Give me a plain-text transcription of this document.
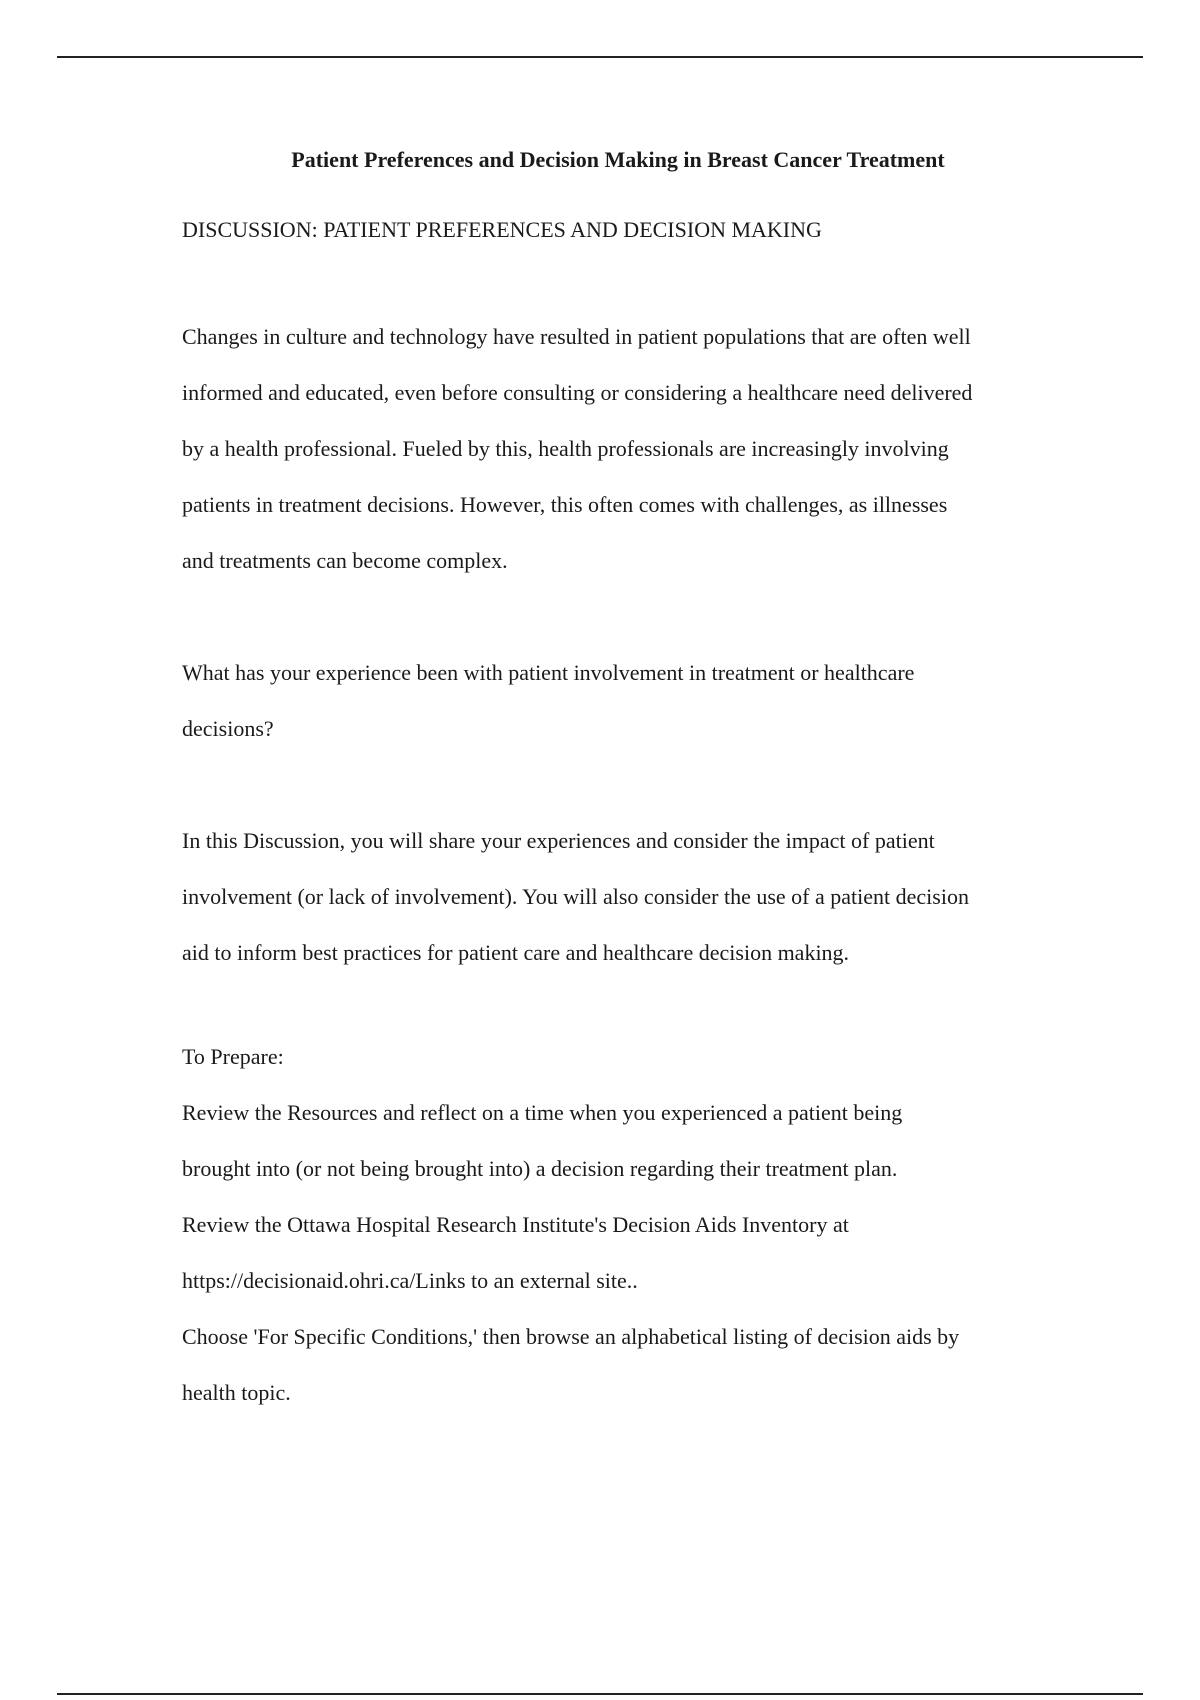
Patient Preferences and Decision Making in Breast Cancer Treatment

DISCUSSION: PATIENT PREFERENCES AND DECISION MAKING

Changes in culture and technology have resulted in patient populations that are often well
informed and educated, even before consulting or considering a healthcare need delivered
by a health professional. Fueled by this, health professionals are increasingly involving
patients in treatment decisions. However, this often comes with challenges, as illnesses
and treatments can become complex.

What has your experience been with patient involvement in treatment or healthcare
decisions?

In this Discussion, you will share your experiences and consider the impact of patient
involvement (or lack of involvement). You will also consider the use of a patient decision
aid to inform best practices for patient care and healthcare decision making.

To Prepare:

Review the Resources and reflect on a time when you experienced a patient being
brought into (or not being brought into) a decision regarding their treatment plan.
Review the Ottawa Hospital Research Institute's Decision Aids Inventory at
https://decisionaid.ohri.ca/Links to an external site..
Choose 'For Specific Conditions,' then browse an alphabetical listing of decision aids by
health topic.
